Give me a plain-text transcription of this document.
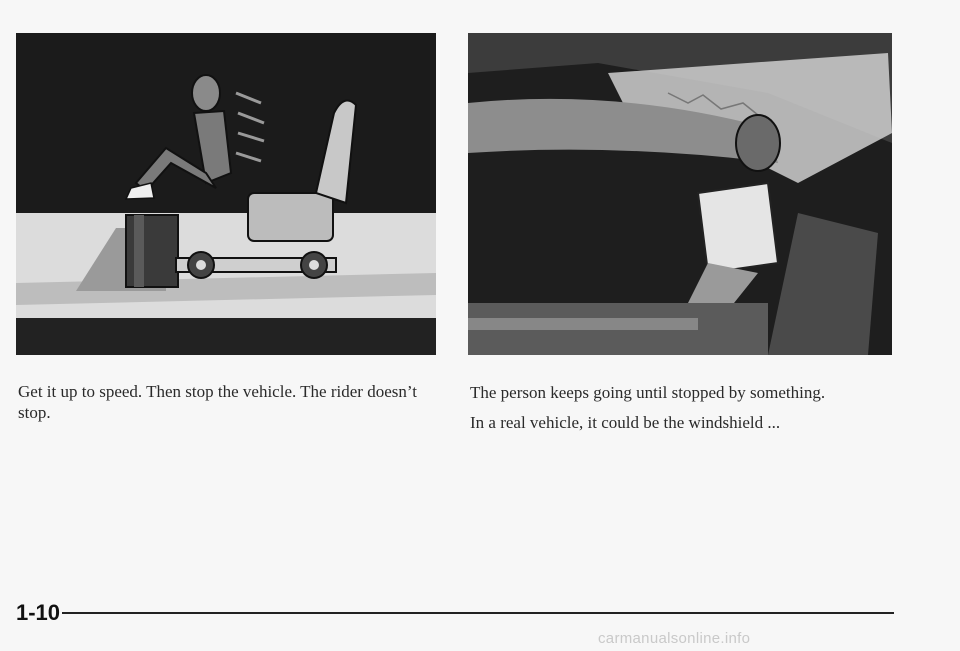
Get it up to speed. Then stop the vehicle. The rider doesn’t stop.
The person keeps going until stopped by something.
In a real vehicle, it could be the windshield ...
1-10
carmanualsonline.info
